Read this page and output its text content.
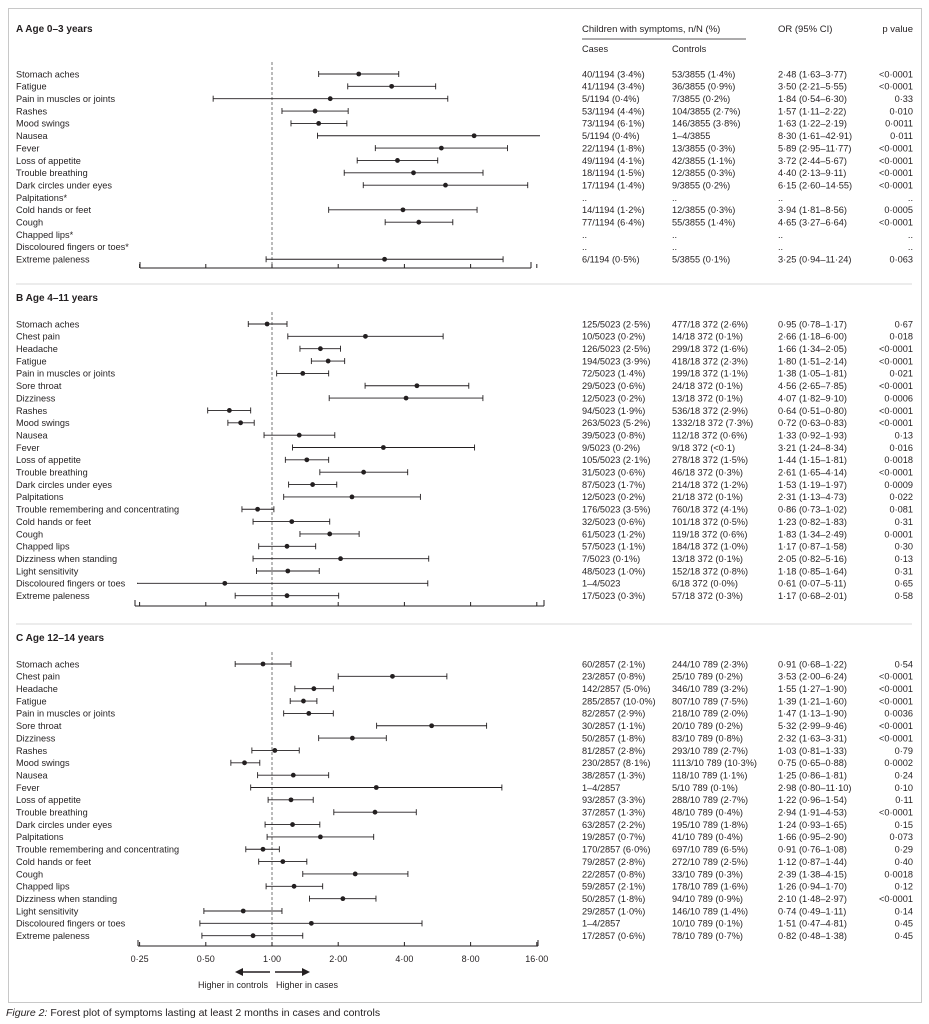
Children with symptoms, n/N (%)
Cases	Controls
OR (95% CI)	p value
A Age 0–3 years
Stomach aches	40/1194 (3·4%)	53/3855 (1·4%)	2·48 (1·63–3·77)	<0·0001
Fatigue	41/1194 (3·4%)	36/3855 (0·9%)	3·50 (2·21–5·55)	<0·0001
Pain in muscles or joints	5/1194 (0·4%)	7/3855 (0·2%)	1·84 (0·54–6·30)	0·33
Rashes	53/1194 (4·4%)	104/3855 (2·7%)	1·57 (1·11–2·22)	0·010
Mood swings	73/1194 (6·1%)	146/3855 (3·8%)	1·63 (1·22–2·19)	0·0011
Nausea	5/1194 (0·4%)	1–4/3855	8·30 (1·61–42·91)	0·011
Fever	22/1194 (1·8%)	13/3855 (0·3%)	5·89 (2·95–11·77)	<0·0001
Loss of appetite	49/1194 (4·1%)	42/3855 (1·1%)	3·72 (2·44–5·67)	<0·0001
Trouble breathing	18/1194 (1·5%)	12/3855 (0·3%)	4·40 (2·13–9·11)	<0·0001
Dark circles under eyes	17/1194 (1·4%)	9/3855 (0·2%)	6·15 (2·60–14·55)	<0·0001
Palpitations*	..	..	..	..
Cold hands or feet	14/1194 (1·2%)	12/3855 (0·3%)	3·94 (1·81–8·56)	0·0005
Cough	77/1194 (6·4%)	55/3855 (1·4%)	4·65 (3·27–6·64)	<0·0001
Chapped lips*	..	..	..	..
Discoloured fingers or toes*	..	..	..	..
Extreme paleness	6/1194 (0·5%)	5/3855 (0·1%)	3·25 (0·94–11·24)	0·063
B Age 4–11 years
Stomach aches	125/5023 (2·5%) 477/18 372 (2·6%)	0·95 (0·78–1·17)	0·67
Chest pain	10/5023 (0·2%)	14/18 372 (0·1%)	2·66 (1·18–6·00)	0·018
Headache	126/5023 (2·5%) 299/18 372 (1·6%)	1·66 (1·34–2·05)	<0·0001
Fatigue	194/5023 (3·9%) 418/18 372 (2·3%)	1·80 (1·51–2·14)	<0·0001
Pain in muscles or joints	72/5023 (1·4%)	199/18 372 (1·1%)	1·38 (1·05–1·81)	0·021
Sore throat	29/5023 (0·6%)	24/18 372 (0·1%)	4·56 (2·65–7·85)	<0·0001
Dizziness	12/5023 (0·2%)	13/18 372 (0·1%)	4·07 (1·82–9·10)	0·0006
Rashes	94/5023 (1·9%)	536/18 372 (2·9%)	0·64 (0·51–0·80)	<0·0001
Mood swings	263/5023 (5·2%) 1332/18 372 (7·3%)	0·72 (0·63–0·83)	<0·0001
Nausea	39/5023 (0·8%)	112/18 372 (0·6%)	1·33 (0·92–1·93)	0·13
Fever	9/5023 (0·2%)	9/18 372 (<0·1)	3·21 (1·24–8·34)	0·016
Loss of appetite	105/5023 (2·1%) 278/18 372 (1·5%)	1·44 (1·15–1·81)	0·0018
Trouble breathing	31/5023 (0·6%)	46/18 372 (0·3%)	2·61 (1·65–4·14)	<0·0001
Dark circles under eyes	87/5023 (1·7%)	214/18 372 (1·2%)	1·53 (1·19–1·97)	0·0009
Palpitations	12/5023 (0·2%)	21/18 372 (0·1%)	2·31 (1·13–4·73)	0·022
Trouble remembering and concentrating	176/5023 (3·5%) 760/18 372 (4·1%)	0·86 (0·73–1·02)	0·081
Cold hands or feet	32/5023 (0·6%)	101/18 372 (0·5%)	1·23 (0·82–1·83)	0·31
Cough	61/5023 (1·2%)	119/18 372 (0·6%)	1·83 (1·34–2·49)	0·0001
Chapped lips	57/5023 (1·1%)	184/18 372 (1·0%)	1·17 (0·87–1·58)	0·30
Dizziness when standing	7/5023 (0·1%)	13/18 372 (0·1%)	2·05 (0·82–5·16)	0·13
Light sensitivity	48/5023 (1·0%)	152/18 372 (0·8%)	1·18 (0·85–1·64)	0·31
Discoloured fingers or toes	1–4/5023	6/18 372 (0·0%)	0·61 (0·07–5·11)	0·65
Extreme paleness	17/5023 (0·3%)	57/18 372 (0·3%)	1·17 (0·68–2·01)	0·58
C Age 12–14 years
Stomach aches	60/2857 (2·1%)	244/10 789 (2·3%)	0·91 (0·68–1·22)	0·54
Chest pain	23/2857 (0·8%)	25/10 789 (0·2%)	3·53 (2·00–6·24)	<0·0001
Headache	142/2857 (5·0%) 346/10 789 (3·2%)	1·55 (1·27–1·90)	<0·0001
Fatigue	285/2857 (10·0%) 807/10 789 (7·5%)	1·39 (1·21–1·60)	<0·0001
Pain in muscles or joints	82/2857 (2·9%)	218/10 789 (2·0%)	1·47 (1·13–1·90)	0·0036
Sore throat	30/2857 (1·1%)	20/10 789 (0·2%)	5·32 (2·99–9·46)	<0·0001
Dizziness	50/2857 (1·8%)	83/10 789 (0·8%)	2·32 (1·63–3·31)	<0·0001
Rashes	81/2857 (2·8%)	293/10 789 (2·7%)	1·03 (0·81–1·33)	0·79
Mood swings	230/2857 (8·1%) 1113/10 789 (10·3%) 0·75 (0·65–0·88)	0·0002
Nausea	38/2857 (1·3%)	118/10 789 (1·1%)	1·25 (0·86–1·81)	0·24
Fever	1–4/2857	5/10 789 (0·1%)	2·98 (0·80–11·10)	0·10
Loss of appetite	93/2857 (3·3%)	288/10 789 (2·7%)	1·22 (0·96–1·54)	0·11
Trouble breathing	37/2857 (1·3%)	48/10 789 (0·4%)	2·94 (1·91–4·53)	<0·0001
Dark circles under eyes	63/2857 (2·2%)	195/10 789 (1·8%)	1·24 (0·93–1·65)	0·15
Palpitations	19/2857 (0·7%)	41/10 789 (0·4%)	1·66 (0·95–2·90)	0·073
Trouble remembering and concentrating	170/2857 (6·0%) 697/10 789 (6·5%)	0·91 (0·76–1·08)	0·29
Cold hands or feet	79/2857 (2·8%)	272/10 789 (2·5%)	1·12 (0·87–1·44)	0·40
Cough	22/2857 (0·8%)	33/10 789 (0·3%)	2·39 (1·38–4·15)	0·0018
Chapped lips	59/2857 (2·1%)	178/10 789 (1·6%)	1·26 (0·94–1·70)	0·12
Dizziness when standing	50/2857 (1·8%)	94/10 789 (0·9%)	2·10 (1·48–2·97)	<0·0001
Light sensitivity	29/2857 (1·0%)	146/10 789 (1·4%)	0·74 (0·49–1·11)	0·14
Discoloured fingers or toes	1–4/2857	10/10 789 (0·1%)	1·51 (0·47–4·81)	0·45
Extreme paleness	17/2857 (0·6%)	78/10 789 (0·7%)	0·82 (0·48–1·38)	0·45
0·25	0·50	1·00	2·00	4·00	8·00	16·00
Higher in controls Higher in cases
Figure 2: Forest plot of symptoms lasting at least 2 months in cases and controls
